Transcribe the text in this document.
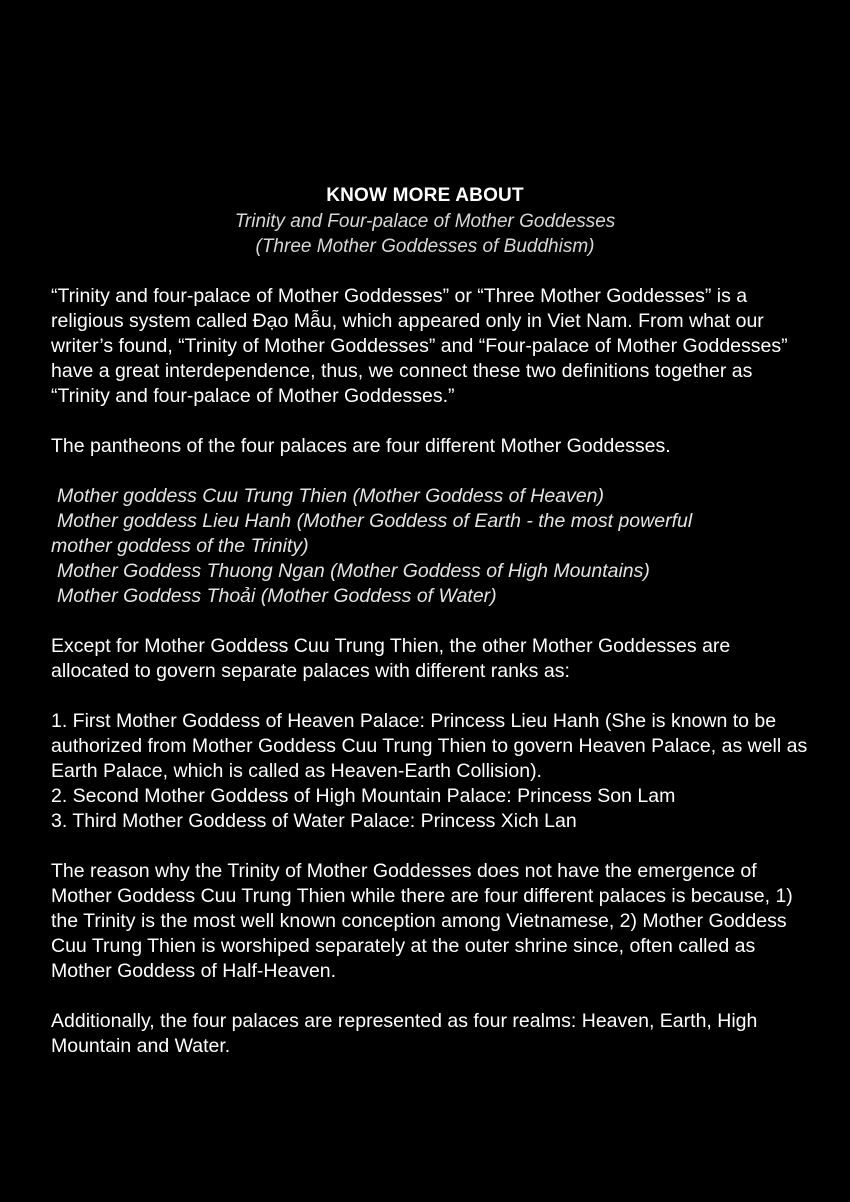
KNOW MORE ABOUT
Trinity and Four-palace of Mother Goddesses
(Three Mother Goddesses of Buddhism)

“Trinity and four-palace of Mother Goddesses” or “Three Mother Goddesses” is a religious system called Đạo Mẫu, which appeared only in Viet Nam. From what our writer’s found, “Trinity of Mother Goddesses” and “Four-palace of Mother Goddesses” have a great interdependence, thus, we connect these two definitions together as “Trinity and four-palace of Mother Goddesses.”

The pantheons of the four palaces are four different Mother Goddesses.

Mother goddess Cuu Trung Thien (Mother Goddess of Heaven)

Mother goddess Lieu Hanh (Mother Goddess of Earth - the most powerful

mother goddess of the Trinity)

Mother Goddess Thuong Ngan (Mother Goddess of High Mountains)

Mother Goddess Thoải (Mother Goddess of Water)

Except for Mother Goddess Cuu Trung Thien, the other Mother Goddesses are allocated to govern separate palaces with different ranks as:

1. First Mother Goddess of Heaven Palace: Princess Lieu Hanh (She is known to be authorized from Mother Goddess Cuu Trung Thien to govern Heaven Palace, as well as Earth Palace, which is called as Heaven-Earth Collision).

2. Second Mother Goddess of High Mountain Palace: Princess Son Lam

3. Third Mother Goddess of Water Palace: Princess Xich Lan

The reason why the Trinity of Mother Goddesses does not have the emergence of Mother Goddess Cuu Trung Thien while there are four different palaces is because, 1) the Trinity is the most well known conception among Vietnamese, 2) Mother Goddess Cuu Trung Thien is worshiped separately at the outer shrine since, often called as Mother Goddess of Half-Heaven.

Additionally, the four palaces are represented as four realms: Heaven, Earth, High Mountain and Water.
